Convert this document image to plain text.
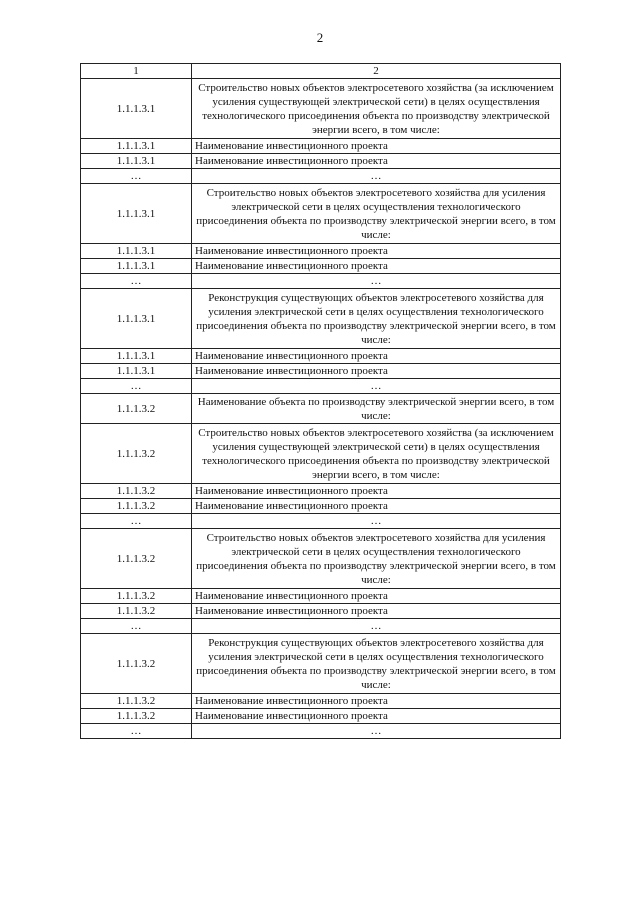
2
1	2
1.1.1.3.1	Строительство новых объектов электросетевого хозяйства (за исключением усиления существующей электрической сети) в целях осуществления технологического присоединения объекта по производству электрической энергии всего, в том числе:
1.1.1.3.1	Наименование инвестиционного проекта
1.1.1.3.1	Наименование инвестиционного проекта
…	…
1.1.1.3.1	Строительство новых объектов электросетевого хозяйства для усиления электрической сети в целях осуществления технологического присоединения объекта по производству электрической энергии всего, в том числе:
1.1.1.3.1	Наименование инвестиционного проекта
1.1.1.3.1	Наименование инвестиционного проекта
…	…
1.1.1.3.1	Реконструкция существующих объектов электросетевого хозяйства для усиления электрической сети в целях осуществления технологического присоединения объекта по производству электрической энергии всего, в том числе:
1.1.1.3.1	Наименование инвестиционного проекта
1.1.1.3.1	Наименование инвестиционного проекта
…	…
1.1.1.3.2	Наименование объекта по производству электрической энергии всего, в том числе:
1.1.1.3.2	Строительство новых объектов электросетевого хозяйства (за исключением усиления существующей электрической сети) в целях осуществления технологического присоединения объекта по производству электрической энергии всего, в том числе:
1.1.1.3.2	Наименование инвестиционного проекта
1.1.1.3.2	Наименование инвестиционного проекта
…	…
1.1.1.3.2	Строительство новых объектов электросетевого хозяйства для усиления электрической сети в целях осуществления технологического присоединения объекта по производству электрической энергии всего, в том числе:
1.1.1.3.2	Наименование инвестиционного проекта
1.1.1.3.2	Наименование инвестиционного проекта
…	…
1.1.1.3.2	Реконструкция существующих объектов электросетевого хозяйства для усиления электрической сети в целях осуществления технологического присоединения объекта по производству электрической энергии всего, в том числе:
1.1.1.3.2	Наименование инвестиционного проекта
1.1.1.3.2	Наименование инвестиционного проекта
…	…
